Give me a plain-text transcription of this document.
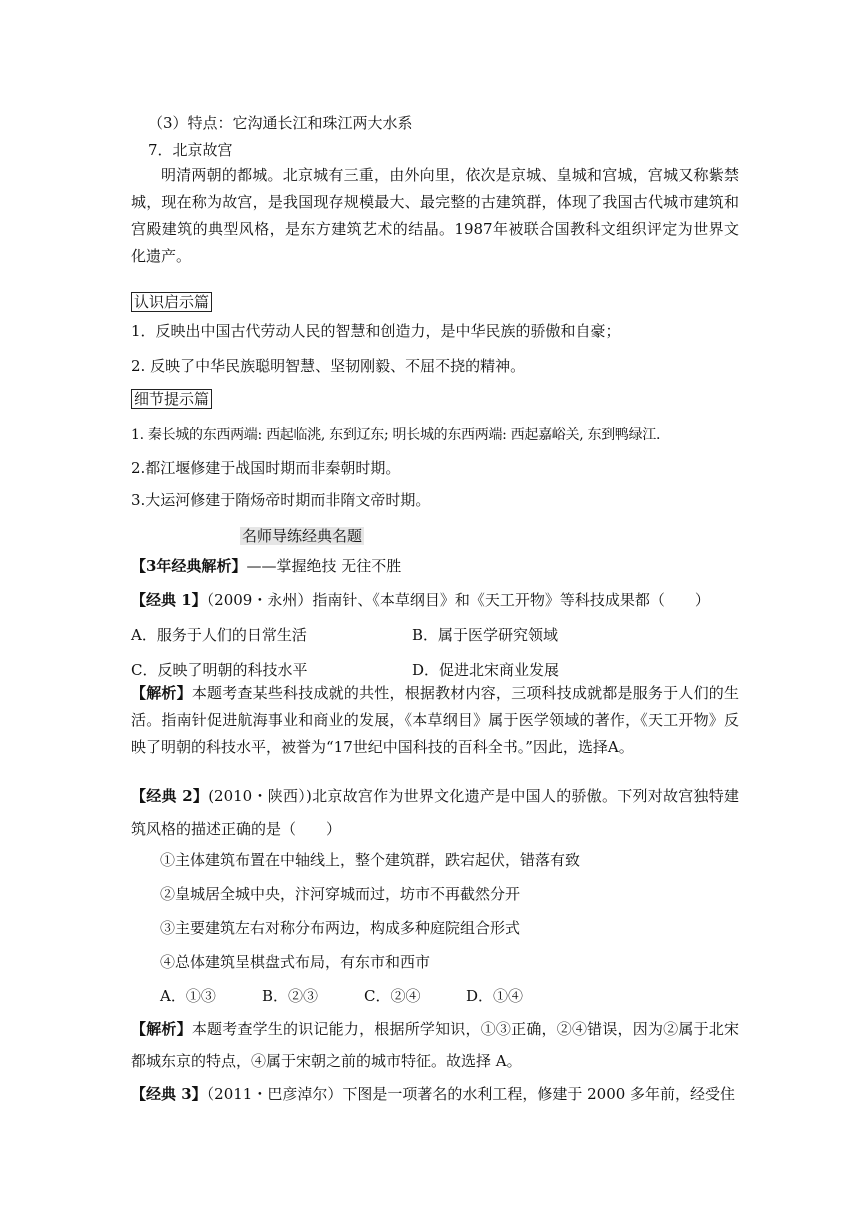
（3）特点：它沟通长江和珠江两大水系
7．北京故宫
明清两朝的都城。北京城有三重，由外向里，依次是京城、皇城和宫城，宫城又称紫禁城，现在称为故宫，是我国现存规模最大、最完整的古建筑群，体现了我国古代城市建筑和宫殿建筑的典型风格，是东方建筑艺术的结晶。1987年被联合国教科文组织评定为世界文化遗产。
认识启示篇
1．反映出中国古代劳动人民的智慧和创造力，是中华民族的骄傲和自豪；
2. 反映了中华民族聪明智慧、坚韧刚毅、不屈不挠的精神。
细节提示篇
1. 秦长城的东西两端: 西起临洮, 东到辽东; 明长城的东西两端: 西起嘉峪关, 东到鸭绿江.
2.都江堰修建于战国时期而非秦朝时期。
3.大运河修建于隋炀帝时期而非隋文帝时期。
名师导练经典名题
【3年经典解析】——掌握绝技 无往不胜
【经典 1】（2009・永州）指南针、《本草纲目》和《天工开物》等科技成果都（　　）
A．服务于人们的日常生活	B．属于医学研究领域
C．反映了明朝的科技水平	D．促进北宋商业发展
【解析】本题考查某些科技成就的共性，根据教材内容，三项科技成就都是服务于人们的生活。指南针促进航海事业和商业的发展，《本草纲目》属于医学领域的著作，《天工开物》反映了明朝的科技水平，被誉为“17世纪中国科技的百科全书。”因此，选择A。
【经典 2】(2010・陕西）)北京故宫作为世界文化遗产是中国人的骄傲。下列对故宫独特建筑风格的描述正确的是（　　）
①主体建筑布置在中轴线上，整个建筑群，跌宕起伏，错落有致
②皇城居全城中央，汴河穿城而过，坊市不再截然分开
③主要建筑左右对称分布两边，构成多种庭院组合形式
④总体建筑呈棋盘式布局，有东市和西市
A．①③	B．②③	C．②④	D．①④
【解析】本题考查学生的识记能力，根据所学知识，①③正确，②④错误，因为②属于北宋都城东京的特点，④属于宋朝之前的城市特征。故选择 A。
【经典 3】（2011・巴彦淖尔）下图是一项著名的水利工程，修建于 2000 多年前，经受住
